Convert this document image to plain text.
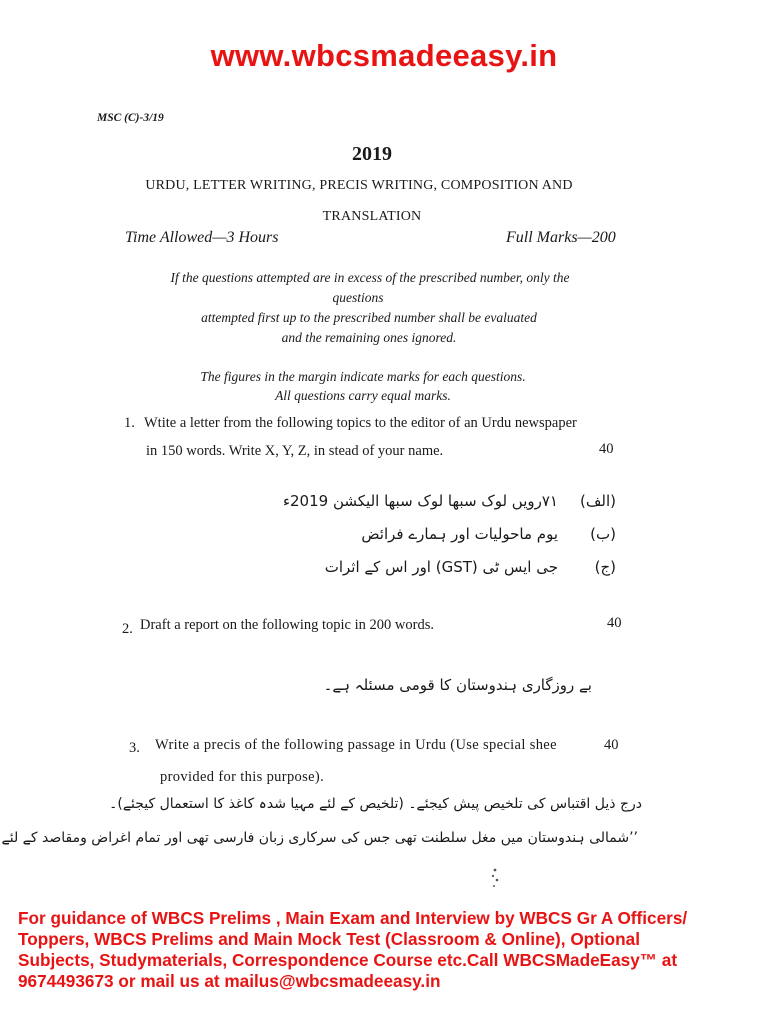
www.wbcsmadeeasy.in
MSC (C)-3/19
2019
URDU, LETTER WRITING, PRECIS WRITING, COMPOSITION AND
TRANSLATION
Time Allowed—3 Hours	Full Marks—200
If the questions attempted are in excess of the prescribed number, only the
questions
attempted first up to the prescribed number shall be evaluated
and the remaining ones ignored.
The figures in the margin indicate marks for each questions.
All questions carry equal marks.
1. Wtite a letter from the following topics to the editor of an Urdu newspaper
in 150 words. Write X, Y, Z, in stead of your name.	40
(الف)
۷۱رویں لوک سبھا لوک سبھا الیکشن 2019ء
(ب)
یوم ماحولیات اور ہمارے فرائض
(ج)
جی ایس ٹی (GST) اور اس کے اثرات
2. Draft a report on the following topic in 200 words.	40
بے روزگاری ہندوستان کا قومی مسئلہ ہے۔
3. Write a precis of the following passage in Urdu (Use special shee	40
provided for this purpose).
درج ذیل اقتباس کی تلخیص پیش کیجئے۔ (تلخیص کے لئے مہیا شدہ کاغذ کا استعمال کیجئے)۔
’’شمالی ہندوستان میں مغل سلطنت تھی جس کی سرکاری زبان فارسی تھی اور تمام اغراض ومقاصد کے لئے
For guidance of WBCS Prelims , Main Exam and Interview by WBCS Gr A Officers/
Toppers, WBCS Prelims and Main Mock Test (Classroom & Online), Optional
Subjects, Studymaterials, Correspondence Course etc.Call WBCSMadeEasy™ at
9674493673 or mail us at mailus@wbcsmadeeasy.in
